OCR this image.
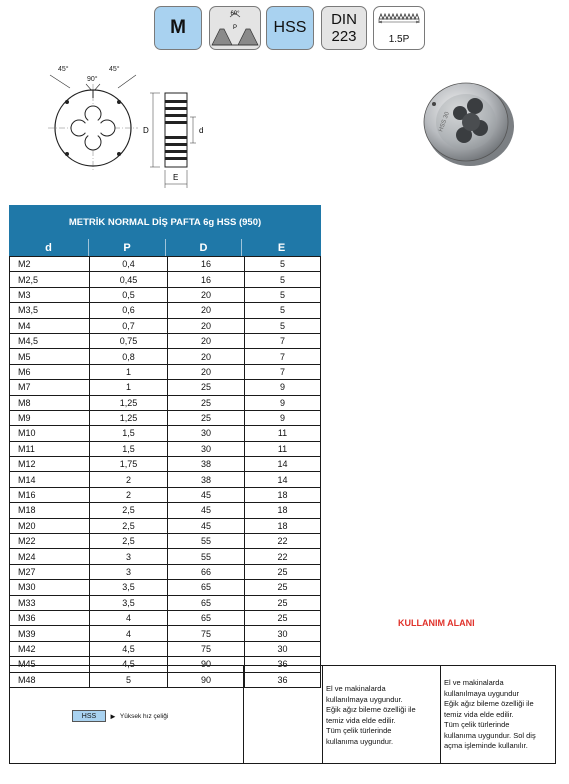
M
60°
P HSS DIN
223	1.5P
45°	45°
90°
D	d
E
HSS 30
METRİK NORMAL DİŞ PAFTA 6g HSS (950)
d	P	D	E
M2	0,4	16	5
M2,5	0,45	16	5
M3	0,5	20	5
M3,5	0,6	20	5
M4	0,7	20	5
M4,5	0,75	20	7
M5	0,8	20	7
M6	1	20	7
M7	1	25	9
M8	1,25	25	9
M9	1,25	25	9
M10	1,5	30	11
M11	1,5	30	11
M12	1,75	38	14
M14	2	38	14
M16	2	45	18
M18	2,5	45	18
M20	2,5	45	18
M22	2,5	55	22
M24	3	55	22
M27	3	66	25
M30	3,5	65	25
M33	3,5	65	25
M36	4	65	25
M39	4	75	30
M42	4,5	75	30
M45	4,5	90	36
M48	5	90	36
HSS	► Yüksek hız çeliği
El ve makinalarda
kullanılmaya uygundur.
Eğik ağız bileme özelliği ile
temiz vida elde edilir.
Tüm çelik türlerinde
kullanıma uygundur.
El ve makinalarda
kullanılmaya uygundur
Eğik ağız bileme özelliği ile
temiz vida elde edilir.
Tüm çelik türlerinde
kullanıma uygundur. Sol diş
açma işleminde kullanılır.
KULLANIM ALANI
